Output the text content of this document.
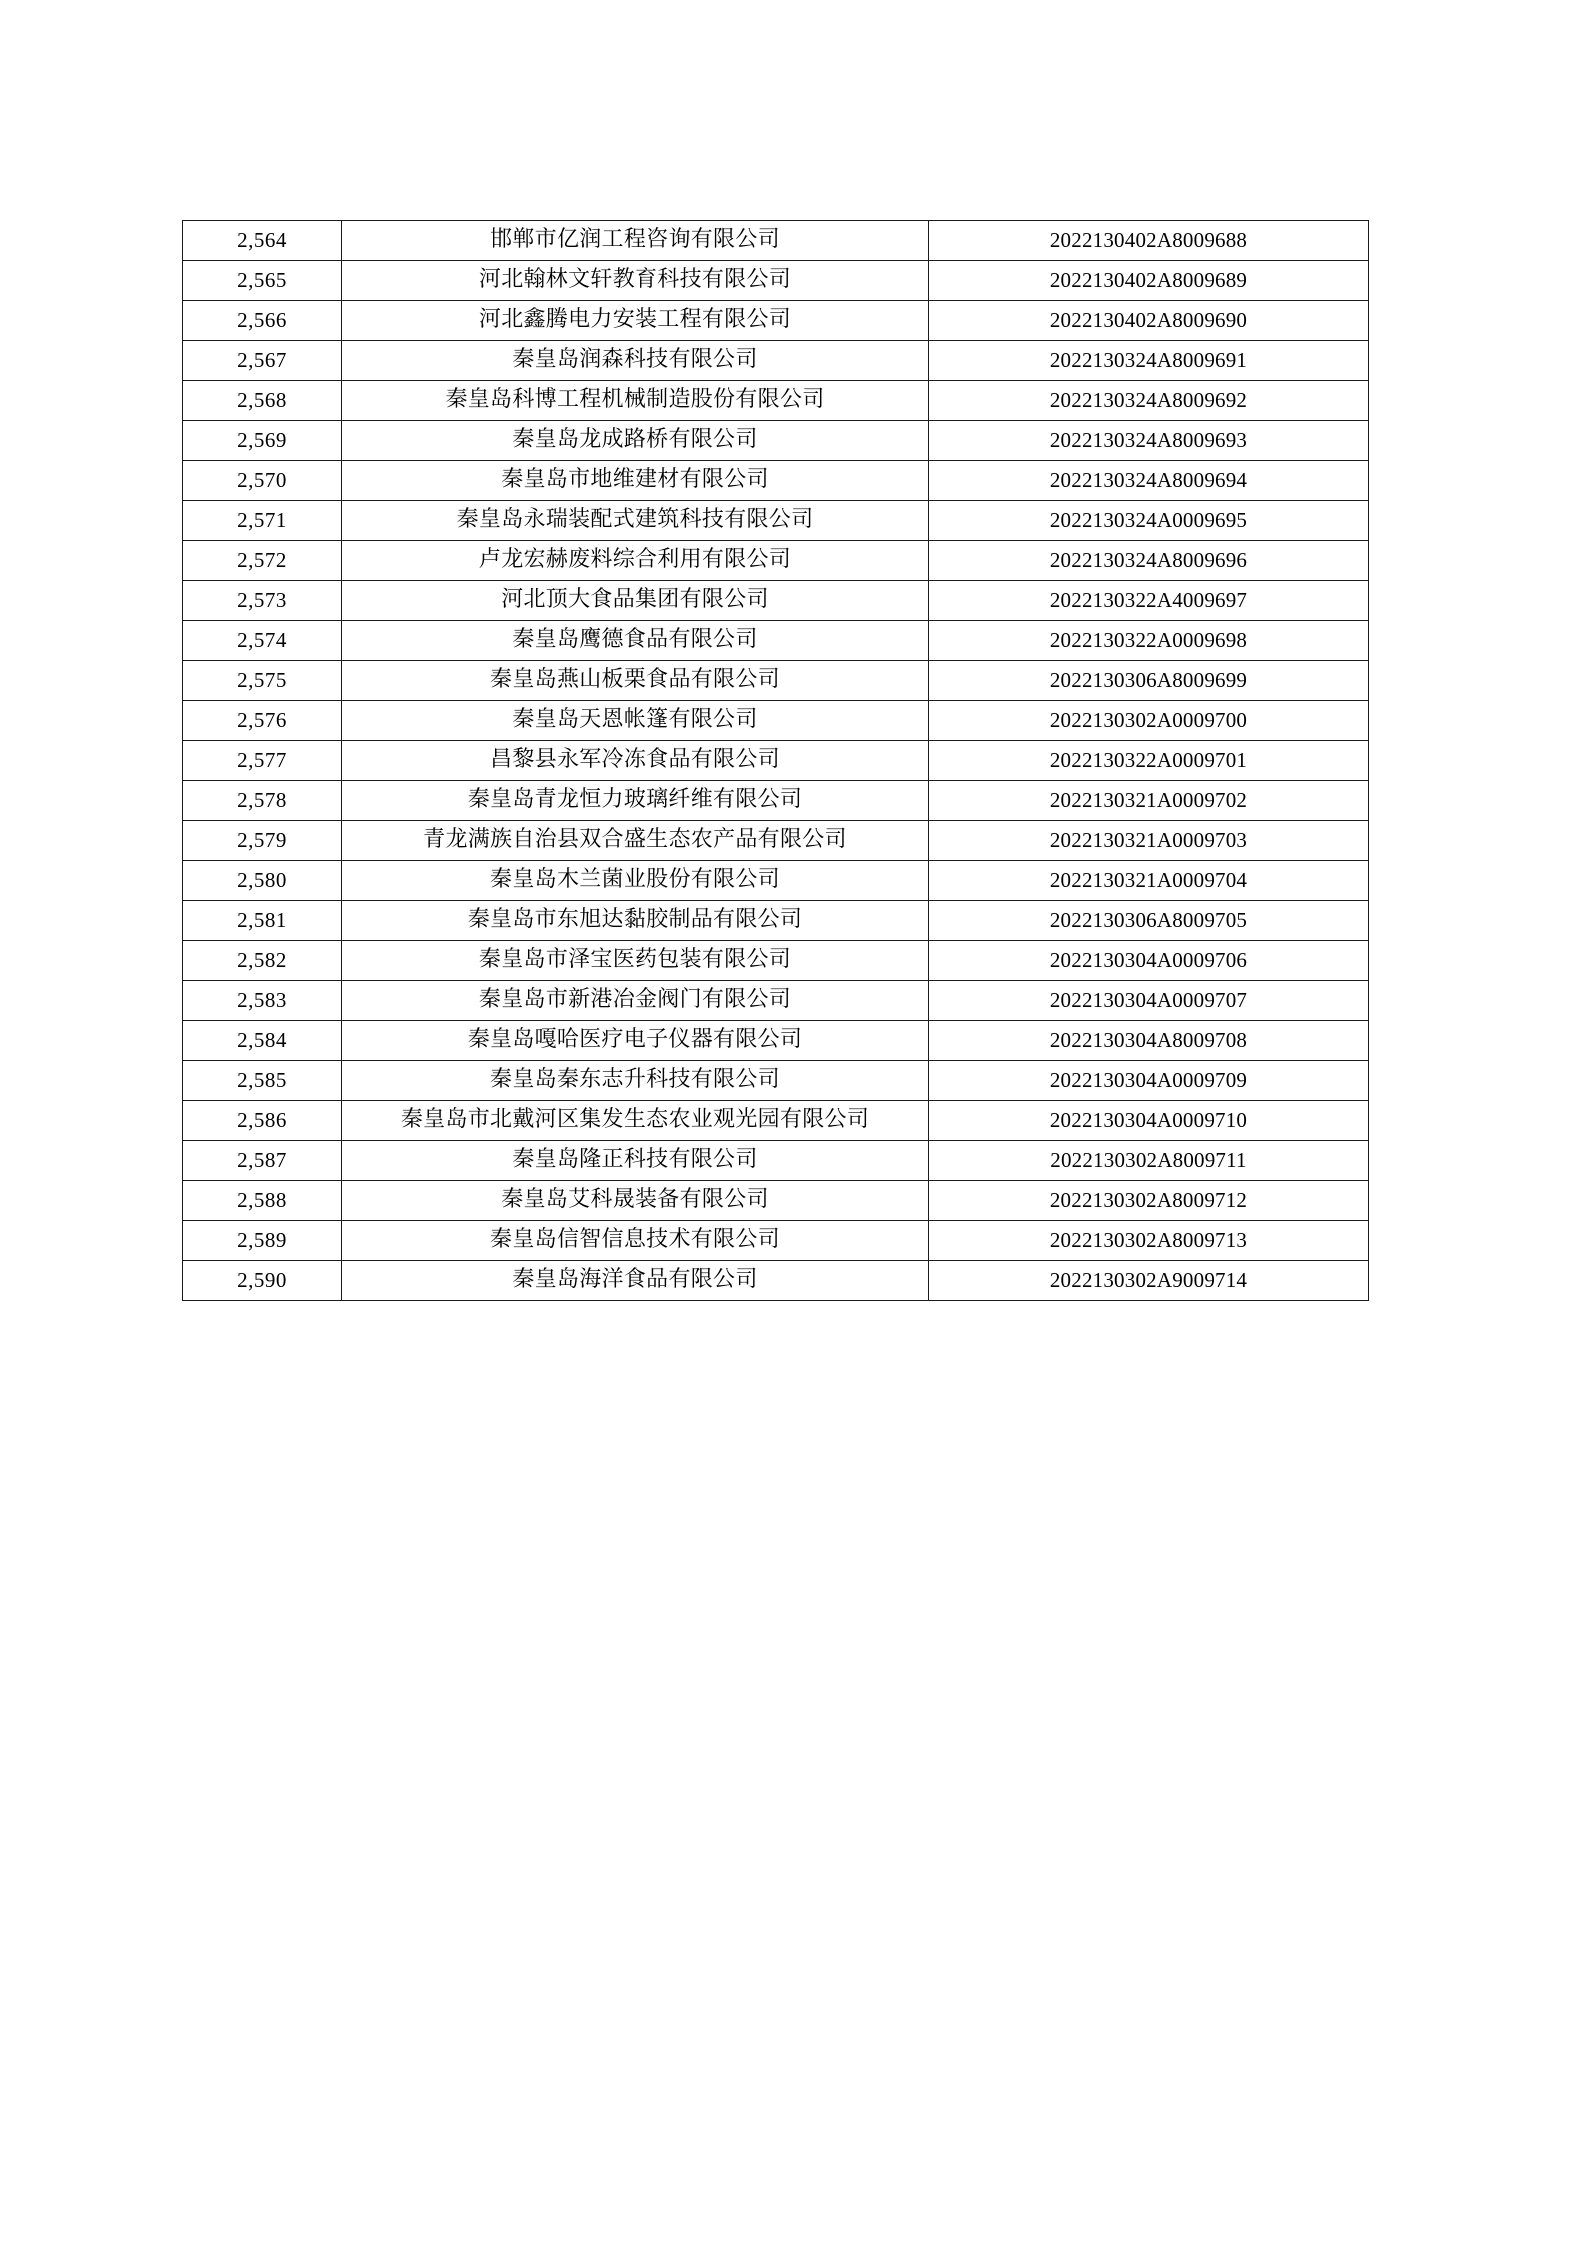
2,564	邯郸市亿润工程咨询有限公司	2022130402A8009688
2,565	河北翰林文轩教育科技有限公司	2022130402A8009689
2,566	河北鑫腾电力安装工程有限公司	2022130402A8009690
2,567	秦皇岛润森科技有限公司	2022130324A8009691
2,568	秦皇岛科博工程机械制造股份有限公司	2022130324A8009692
2,569	秦皇岛龙成路桥有限公司	2022130324A8009693
2,570	秦皇岛市地维建材有限公司	2022130324A8009694
2,571	秦皇岛永瑞装配式建筑科技有限公司	2022130324A0009695
2,572	卢龙宏赫废料综合利用有限公司	2022130324A8009696
2,573	河北顶大食品集团有限公司	2022130322A4009697
2,574	秦皇岛鹰德食品有限公司	2022130322A0009698
2,575	秦皇岛燕山板栗食品有限公司	2022130306A8009699
2,576	秦皇岛天恩帐篷有限公司	2022130302A0009700
2,577	昌黎县永军冷冻食品有限公司	2022130322A0009701
2,578	秦皇岛青龙恒力玻璃纤维有限公司	2022130321A0009702
2,579	青龙满族自治县双合盛生态农产品有限公司	2022130321A0009703
2,580	秦皇岛木兰菌业股份有限公司	2022130321A0009704
2,581	秦皇岛市东旭达黏胶制品有限公司	2022130306A8009705
2,582	秦皇岛市泽宝医药包装有限公司	2022130304A0009706
2,583	秦皇岛市新港冶金阀门有限公司	2022130304A0009707
2,584	秦皇岛嘎哈医疗电子仪器有限公司	2022130304A8009708
2,585	秦皇岛秦东志升科技有限公司	2022130304A0009709
2,586	秦皇岛市北戴河区集发生态农业观光园有限公司	2022130304A0009710
2,587	秦皇岛隆正科技有限公司	2022130302A8009711
2,588	秦皇岛艾科晟装备有限公司	2022130302A8009712
2,589	秦皇岛信智信息技术有限公司	2022130302A8009713
2,590	秦皇岛海洋食品有限公司	2022130302A9009714
